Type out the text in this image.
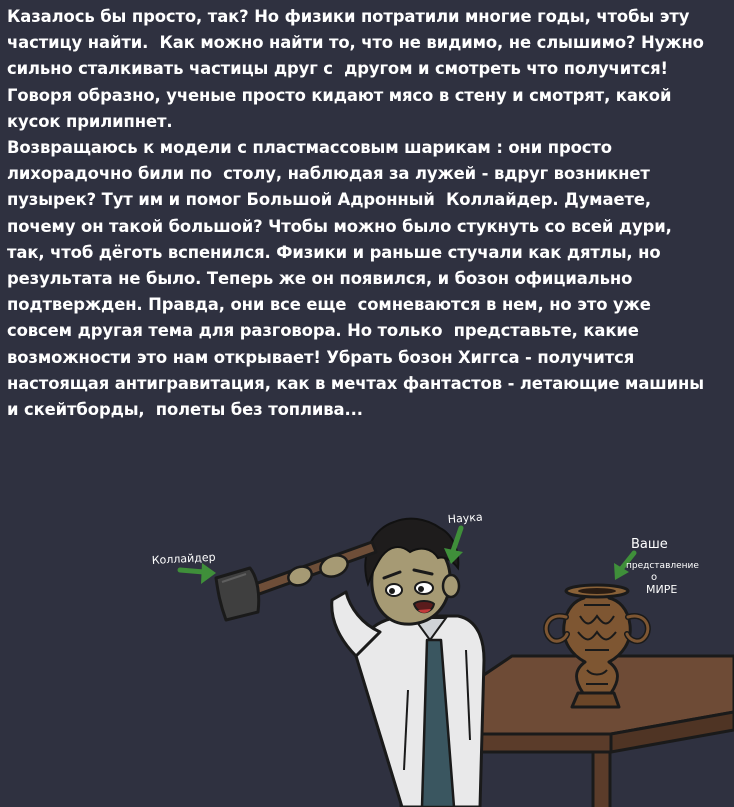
Казалось бы просто, так? Но физики потратили многие годы, чтобы эту
частицу найти.  Как можно найти то, что не видимо, не слышимо? Нужно
сильно сталкивать частицы друг с  другом и смотреть что получится!
Говоря образно, ученые просто кидают мясо в стену и смотрят, какой
кусок прилипнет.
Возвращаюсь к модели с пластмассовым шарикам : они просто
лихорадочно били по  столу, наблюдая за лужей - вдруг возникнет
пузырек? Тут им и помог Большой Адронный  Коллайдер. Думаете,
почему он такой большой? Чтобы можно было стукнуть со всей дури,
так, чтоб дёготь вспенился. Физики и раньше стучали как дятлы, но
результата не было. Теперь же он появился, и бозон официально
подтвержден. Правда, они все еще  сомневаются в нем, но это уже
совсем другая тема для разговора. Но только  представьте, какие
возможности это нам открывает! Убрать бозон Хиггса - получится
настоящая антигравитация, как в мечтах фантастов - летающие машины
и скейтборды,  полеты без топлива...
Коллайдер
Наука
Ваше
представление
о
МИРЕ
